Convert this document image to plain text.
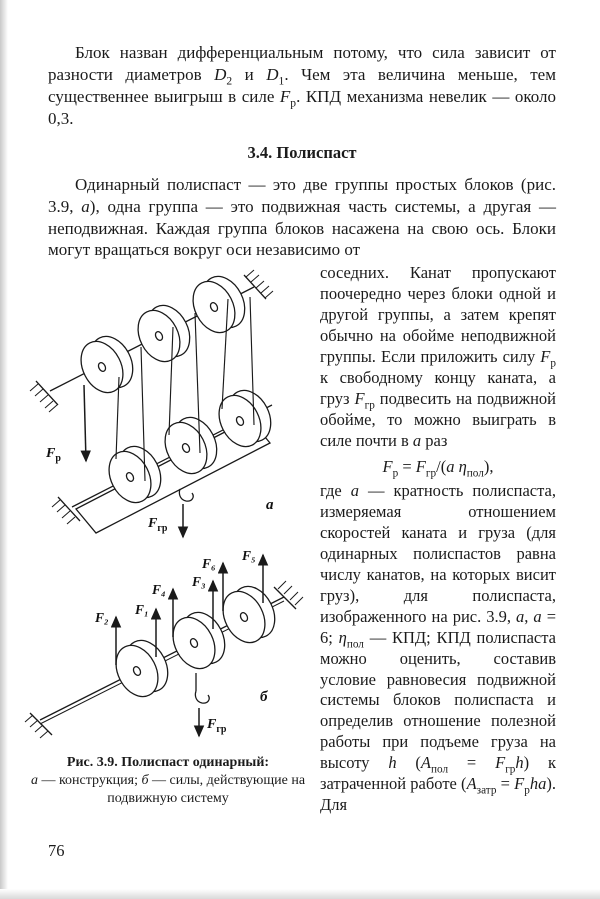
Блок назван дифференциальным потому, что сила зависит от разности диаметров $D_2$ и $D_1$. Чем эта величина меньше, тем существеннее выигрыш в силе $F_р$. КПД механизма невелик — около 0,3.

3.4. Полиспаст

Одинарный полиспаст — это две группы простых блоков (рис. 3.9, а), одна группа — это подвижная часть системы, а другая — неподвижная. Каждая группа блоков насажена на свою ось. Блоки могут вращаться вокруг оси независимо от

$F_р$
$F_{гр}$
а
F₂
F₁
F₄
F₃
F₆
F₅
$F_{гр}$
б
Рис. 3.9. Полиспаст одинарный:
а — конструкция; б — силы, действующие на подвижную систему

соседних. Канат пропускают поочередно через блоки одной и другой группы, а затем крепят обычно на обойме неподвижной группы. Если приложить силу $F_р$ к свободному концу каната, а груз $F_{гр}$ подвесить на подвижной обойме, то можно выиграть в силе почти в а раз

$F_р = F_{гр}/(а$ $\eta_{пол}$),

где а — кратность полиспаста, измеряемая отношением скоростей каната и груза (для одинарных полиспастов равна числу канатов, на которых висит груз), для полиспаста, изображенного на рис. 3.9, а, а = 6; $\eta_{пол}$ — КПД; КПД полиспаста можно оценить, составив условие равновесия подвижной системы блоков полиспаста и определив отношение полезной работы при подъеме груза на высоту h $(А_{пол} = F_{гр}h)$ к затраченной работе $(А_{затр} = F_рhа)$. Для

76
